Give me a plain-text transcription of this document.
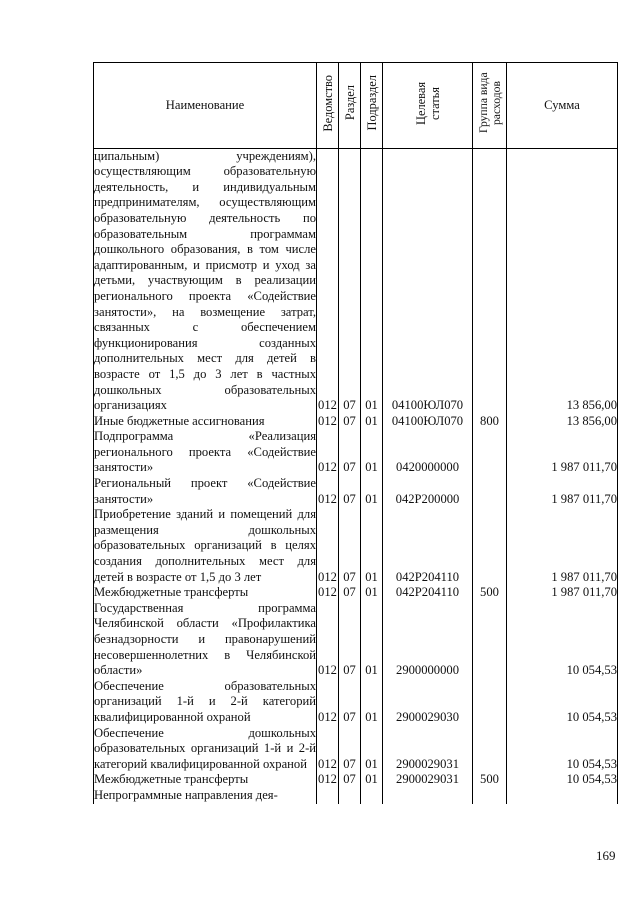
Наименование	Ведомство	Раздел	Подраздел	Целевая статья	Группа вида расходов	Сумма
ципальным) учреждениям), осуществляющим образовательную деятельность, и индивидуальным предпринимателям, осуществляющим образовательную деятельность по образовательным программам дошкольного образования, в том числе адаптированным, и присмотр и уход за детьми, участвующим в реализации регионального проекта «Содействие занятости», на возмещение затрат, связанных с обеспечением функционирования созданных дополнительных мест для детей в возрасте от 1,5 до 3 лет в частных дошкольных образовательных организациях	012	07	01	04100ЮЛ070		13 856,00
Иные бюджетные ассигнования	012	07	01	04100ЮЛ070	800	13 856,00
Подпрограмма «Реализация регионального проекта «Содействие занятости»	012	07	01	0420000000		1 987 011,70
Региональный проект «Содействие занятости»	012	07	01	042P200000		1 987 011,70
Приобретение зданий и помещений для размещения дошкольных образовательных организаций в целях создания дополнительных мест для детей в возрасте от 1,5 до 3 лет	012	07	01	042P204110		1 987 011,70
Межбюджетные трансферты	012	07	01	042P204110	500	1 987 011,70
Государственная программа Челябинской области «Профилактика безнадзорности и правонарушений несовершеннолетних в Челябинской области»	012	07	01	2900000000		10 054,53
Обеспечение образовательных организаций 1-й и 2-й категорий квалифицированной охраной	012	07	01	2900029030		10 054,53
Обеспечение дошкольных образовательных организаций 1-й и 2-й категорий квалифицированной охраной	012	07	01	2900029031		10 054,53
Межбюджетные трансферты	012	07	01	2900029031	500	10 054,53
Непрограммные направления дея-						
169
